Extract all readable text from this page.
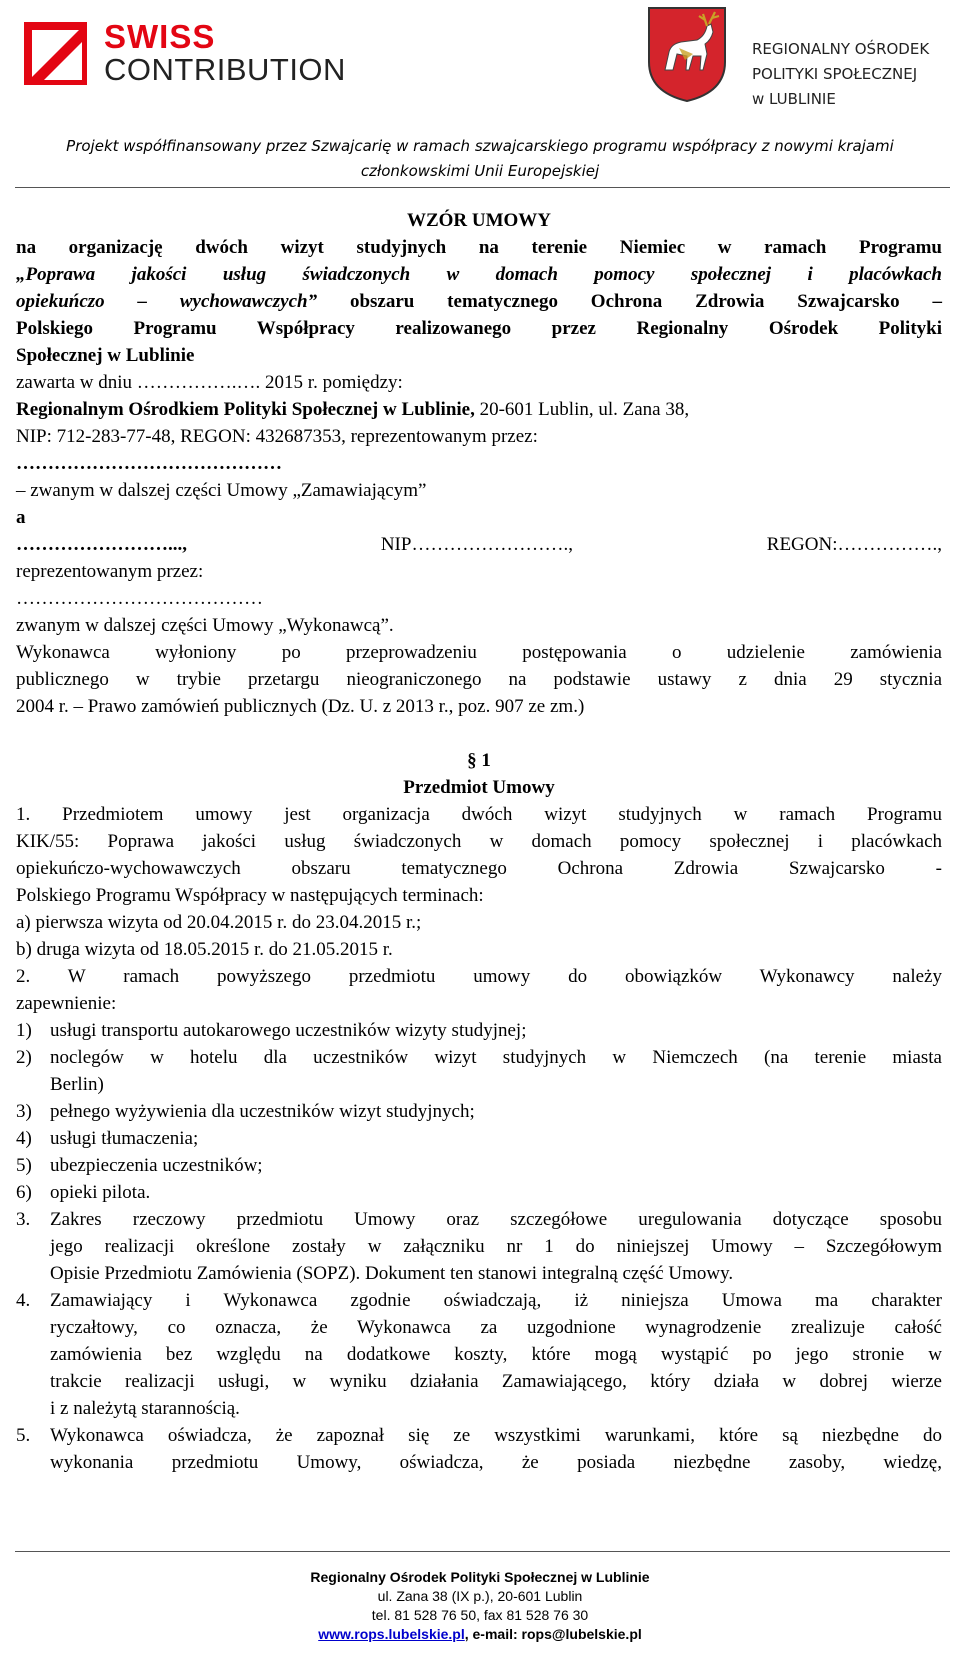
SWISS
CONTRIBUTION
REGIONALNY OŚRODEK
POLITYKI SPOŁECZNEJ
w LUBLINIE
Projekt współfinansowany przez Szwajcarię w ramach szwajcarskiego programu współpracy z nowymi krajami
członkowskimi Unii Europejskiej
WZÓR UMOWY
na organizację dwóch wizyt studyjnych na terenie Niemiec w ramach Programu
„Poprawa jakości usług świadczonych w domach pomocy społecznej i placówkach
opiekuńczo – wychowawczych” obszaru tematycznego Ochrona Zdrowia Szwajcarsko –
Polskiego Programu Współpracy realizowanego przez Regionalny Ośrodek Polityki
Społecznej w Lublinie
zawarta w dniu …………….…. 2015 r. pomiędzy:
Regionalnym Ośrodkiem Polityki Społecznej w Lublinie, 20-601 Lublin, ul. Zana 38,
NIP: 712-283-77-48, REGON: 432687353, reprezentowanym przez:
……………………………………
– zwanym w dalszej części Umowy „Zamawiającym”
a
……………………...,	NIP…………………….,	REGON:…………….,
reprezentowanym przez:
…………………………………
zwanym w dalszej części Umowy „Wykonawcą”.
Wykonawca wyłoniony po przeprowadzeniu postępowania o udzielenie zamówienia
publicznego w trybie przetargu nieograniczonego na podstawie ustawy z dnia 29 stycznia
2004 r. – Prawo zamówień publicznych (Dz. U. z 2013 r., poz. 907 ze zm.)
§ 1
Przedmiot Umowy
1. Przedmiotem umowy jest organizacja dwóch wizyt studyjnych w ramach Programu
KIK/55: Poprawa jakości usług świadczonych w domach pomocy społecznej i placówkach
opiekuńczo-wychowawczych obszaru tematycznego Ochrona Zdrowia Szwajcarsko -
Polskiego Programu Współpracy w następujących terminach:
a) pierwsza wizyta od 20.04.2015 r. do 23.04.2015 r.;
b) druga wizyta od 18.05.2015 r. do 21.05.2015 r.
2. W ramach powyższego przedmiotu umowy do obowiązków Wykonawcy należy
zapewnienie:
1) usługi transportu autokarowego uczestników wizyty studyjnej;
2) noclegów w hotelu dla uczestników wizyt studyjnych w Niemczech (na terenie miasta
Berlin)
3) pełnego wyżywienia dla uczestników wizyt studyjnych;
4) usługi tłumaczenia;
5) ubezpieczenia uczestników;
6) opieki pilota.
3.	Zakres rzeczowy przedmiotu Umowy oraz szczegółowe uregulowania dotyczące sposobu
jego realizacji określone zostały w załączniku nr 1 do niniejszej Umowy – Szczegółowym
Opisie Przedmiotu Zamówienia (SOPZ). Dokument ten stanowi integralną część Umowy.
4.	Zamawiający i Wykonawca zgodnie oświadczają, iż niniejsza Umowa ma charakter
ryczałtowy, co oznacza, że Wykonawca za uzgodnione wynagrodzenie zrealizuje całość
zamówienia bez względu na dodatkowe koszty, które mogą wystąpić po jego stronie w
trakcie realizacji usługi, w wyniku działania Zamawiającego, który działa w dobrej wierze
i z należytą starannością.
5.	Wykonawca oświadcza, że zapoznał się ze wszystkimi warunkami, które są niezbędne do
wykonania przedmiotu Umowy, oświadcza, że posiada niezbędne zasoby, wiedzę,
Regionalny Ośrodek Polityki Społecznej w Lublinie
ul. Zana 38 (IX p.), 20-601 Lublin
tel. 81 528 76 50, fax 81 528 76 30
www.rops.lubelskie.pl, e-mail: rops@lubelskie.pl
